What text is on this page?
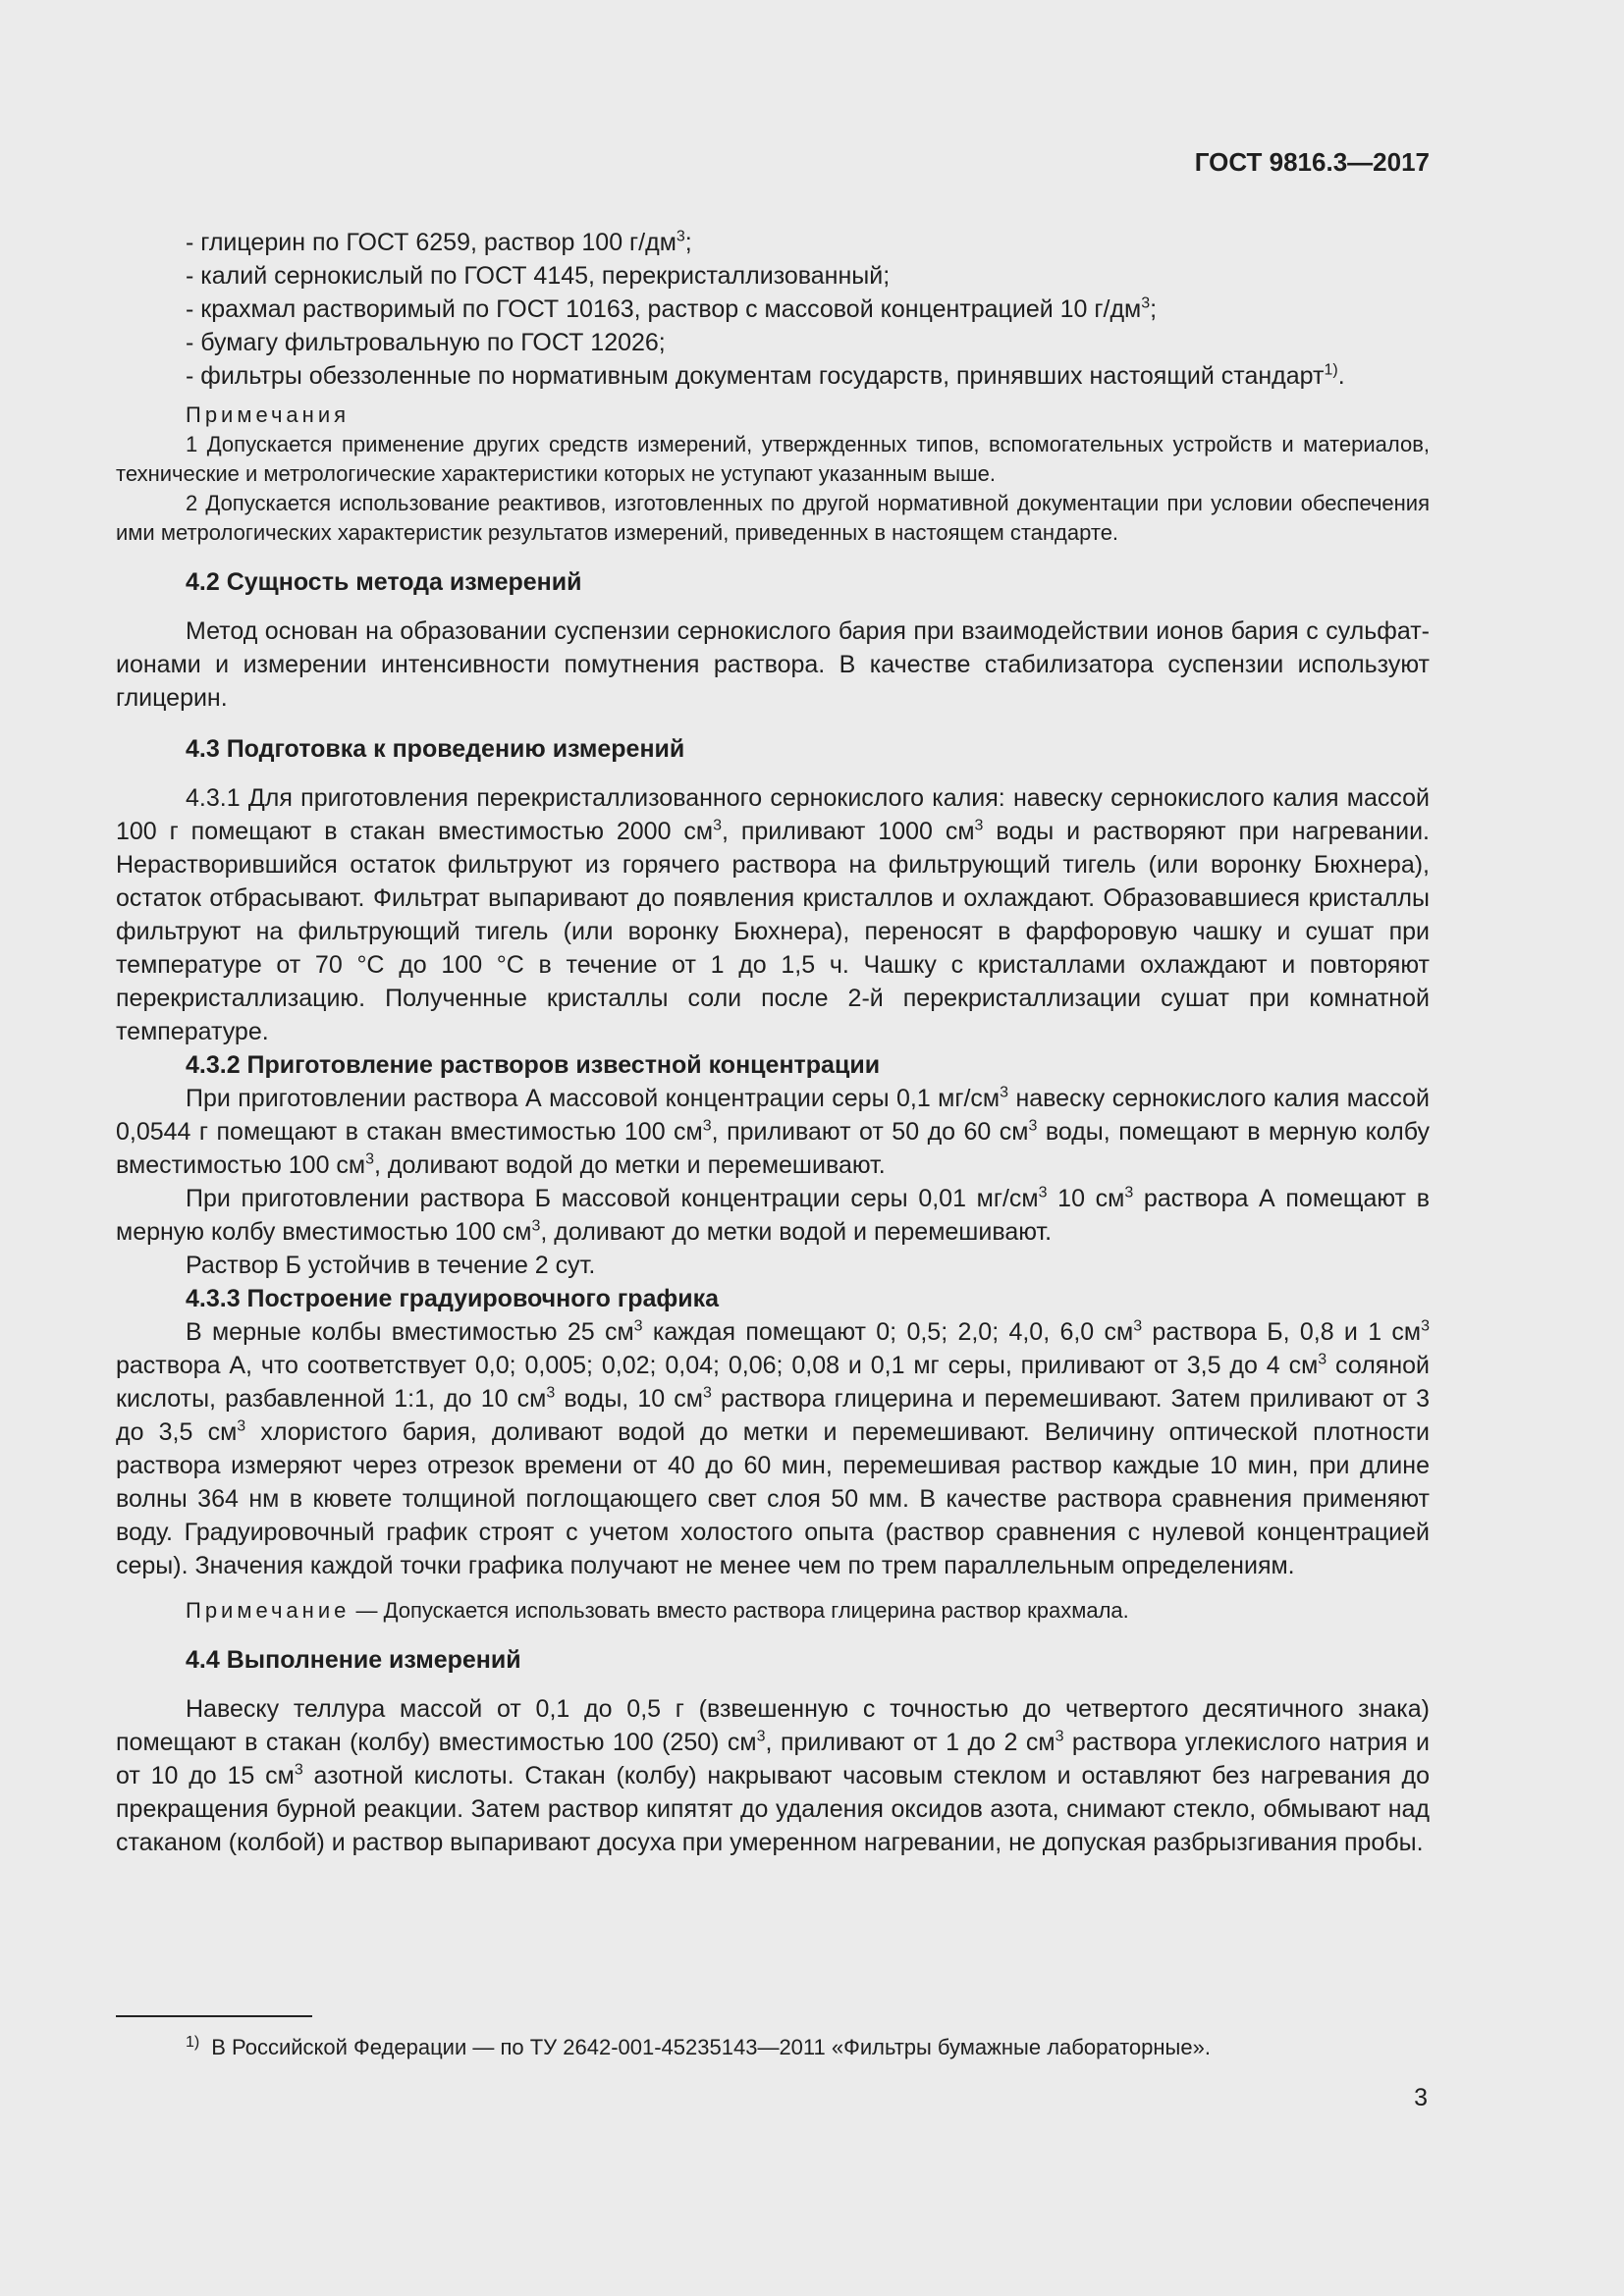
ГОСТ 9816.3—2017

- глицерин по ГОСТ 6259, раствор 100 $г/дм^3$;

- калий сернокислый по ГОСТ 4145, перекристаллизованный;

- крахмал растворимый по ГОСТ 10163, раствор с массовой концентрацией 10 $г/дм^3$;

- бумагу фильтровальную по ГОСТ 12026;

- фильтры обеззоленные по нормативным документам государств, принявших настоящий стандарт$^{1)}$.

Примечания

1 Допускается применение других средств измерений, утвержденных типов, вспомогательных устройств и материалов, технические и метрологические характеристики которых не уступают указанным выше.

2 Допускается использование реактивов, изготовленных по другой нормативной документации при условии обеспечения ими метрологических характеристик результатов измерений, приведенных в настоящем стандарте.

4.2 Сущность метода измерений

Метод основан на образовании суспензии сернокислого бария при взаимодействии ионов бария с сульфат-ионами и измерении интенсивности помутнения раствора. В качестве стабилизатора суспензии используют глицерин.

4.3 Подготовка к проведению измерений

4.3.1 Для приготовления перекристаллизованного сернокислого калия: навеску сернокислого калия массой 100 г помещают в стакан вместимостью 2000 $см^3$, приливают 1000 $см^3$ воды и растворяют при нагревании. Нерастворившийся остаток фильтруют из горячего раствора на фильтрующий тигель (или воронку Бюхнера), остаток отбрасывают. Фильтрат выпаривают до появления кристаллов и охлаждают. Образовавшиеся кристаллы фильтруют на фильтрующий тигель (или воронку Бюхнера), переносят в фарфоровую чашку и сушат при температуре от 70 °С до 100 °С в течение от 1 до 1,5 ч. Чашку с кристаллами охлаждают и повторяют перекристаллизацию. Полученные кристаллы соли после 2-й перекристаллизации сушат при комнатной температуре.

4.3.2 Приготовление растворов известной концентрации

При приготовлении раствора А массовой концентрации серы 0,1 $мг/см^3$ навеску сернокислого калия массой 0,0544 г помещают в стакан вместимостью 100 $см^3$, приливают от 50 до 60 $см^3$ воды, помещают в мерную колбу вместимостью 100 $см^3$, доливают водой до метки и перемешивают.

При приготовлении раствора Б массовой концентрации серы 0,01 $мг/см^3$ 10 $см^3$ раствора А помещают в мерную колбу вместимостью 100 $см^3$, доливают до метки водой и перемешивают.

Раствор Б устойчив в течение 2 сут.

4.3.3 Построение градуировочного графика

В мерные колбы вместимостью 25 $см^3$ каждая помещают 0; 0,5; 2,0; 4,0, 6,0 $см^3$ раствора Б, 0,8 и 1 $см^3$ раствора А, что соответствует 0,0; 0,005; 0,02; 0,04; 0,06; 0,08 и 0,1 мг серы, приливают от 3,5 до 4 $см^3$ соляной кислоты, разбавленной 1:1, до 10 $см^3$ воды, 10 $см^3$ раствора глицерина и перемешивают. Затем приливают от 3 до 3,5 $см^3$ хлористого бария, доливают водой до метки и перемешивают. Величину оптической плотности раствора измеряют через отрезок времени от 40 до 60 мин, перемешивая раствор каждые 10 мин, при длине волны 364 нм в кювете толщиной поглощающего свет слоя 50 мм. В качестве раствора сравнения применяют воду. Градуировочный график строят с учетом холостого опыта (раствор сравнения с нулевой концентрацией серы). Значения каждой точки графика получают не менее чем по трем параллельным определениям.

Примечание — Допускается использовать вместо раствора глицерина раствор крахмала.

4.4 Выполнение измерений

Навеску теллура массой от 0,1 до 0,5 г (взвешенную с точностью до четвертого десятичного знака) помещают в стакан (колбу) вместимостью 100 (250) $см^3$, приливают от 1 до 2 $см^3$ раствора углекислого натрия и от 10 до 15 $см^3$ азотной кислоты. Стакан (колбу) накрывают часовым стеклом и оставляют без нагревания до прекращения бурной реакции. Затем раствор кипятят до удаления оксидов азота, снимают стекло, обмывают над стаканом (колбой) и раствор выпаривают досуха при умеренном нагревании, не допуская разбрызгивания пробы.

$^{1)}$ В Российской Федерации — по ТУ 2642-001-45235143—2011 «Фильтры бумажные лабораторные».

3
